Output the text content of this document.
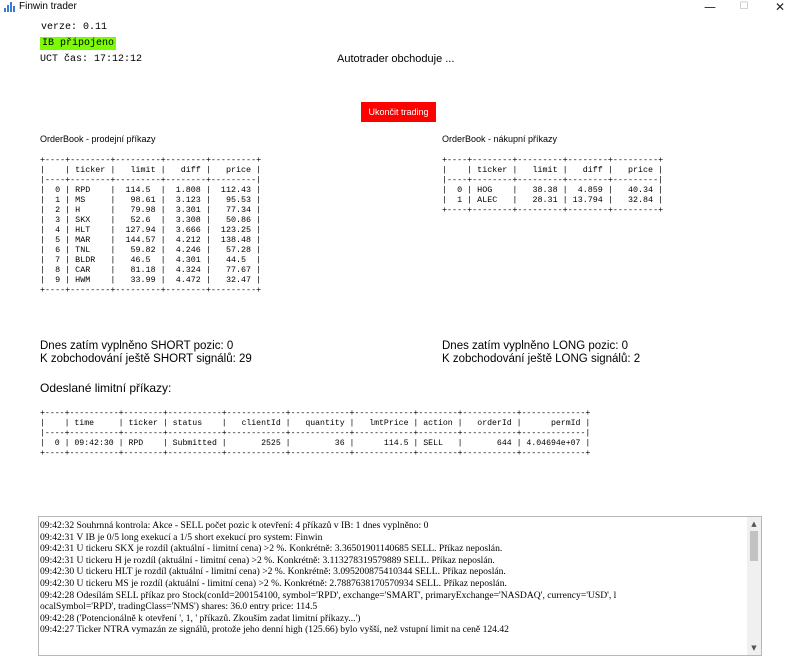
Finwin trader	—	☐	✕
verze: 0.11
IB připojeno
UCT čas: 17:12:12	Autotrader obchoduje ...
Ukončit trading
OrderBook - prodejní příkazy
+----+--------+---------+--------+---------+
|    | ticker |   limit |   diff |   price |
|----+--------+---------+--------+---------|
|  0 | RPD    |  114.5  |  1.808 |  112.43 |
|  1 | MS     |   98.61 |  3.123 |   95.53 |
|  2 | H      |   79.98 |  3.301 |   77.34 |
|  3 | SKX    |   52.6  |  3.308 |   50.86 |
|  4 | HLT    |  127.94 |  3.666 |  123.25 |
|  5 | MAR    |  144.57 |  4.212 |  138.48 |
|  6 | TNL    |   59.82 |  4.246 |   57.28 |
|  7 | BLDR   |   46.5  |  4.301 |   44.5  |
|  8 | CAR    |   81.18 |  4.324 |   77.67 |
|  9 | HWM    |   33.99 |  4.472 |   32.47 |
+----+--------+---------+--------+---------+
OrderBook - nákupní příkazy
+----+--------+---------+--------+---------+
|    | ticker |   limit |   diff |   price |
|----+--------+---------+--------+---------|
|  0 | HOG    |   38.38 |  4.859 |   40.34 |
|  1 | ALEC   |   28.31 | 13.794 |   32.84 |
+----+--------+---------+--------+---------+
Dnes zatím vyplněno SHORT pozic: 0
K zobchodování ještě SHORT signálů: 29
Dnes zatím vyplněno LONG pozic: 0
K zobchodování ještě LONG signálů: 2
Odeslané limitní příkazy:
+----+----------+--------+-----------+------------+------------+------------+--------+-----------+-------------+
|    | time     | ticker | status    |   clientId |   quantity |   lmtPrice | action |   orderId |      permId |
|----+----------+--------+-----------+------------+------------+------------+--------+-----------+-------------|
|  0 | 09:42:30 | RPD    | Submitted |       2525 |         36 |      114.5 | SELL   |       644 | 4.04694e+07 |
+----+----------+--------+-----------+------------+------------+------------+--------+-----------+-------------+
09:42:32 Souhrnná kontrola: Akce - SELL počet pozic k otevření: 4 příkazů v IB: 1 dnes vyplněno: 0
09:42:31 V IB je 0/5 long exekucí a 1/5 short exekucí pro system: Finwin
09:42:31 U tickeru SKX je rozdíl (aktuální - limitní cena) >2 %. Konkrétně: 3.36501901140685 SELL. Příkaz neposlán.
09:42:31 U tickeru H je rozdíl (aktuální - limitní cena) >2 %. Konkrétně: 3.113278319579889 SELL. Příkaz neposlán.
09:42:30 U tickeru HLT je rozdíl (aktuální - limitní cena) >2 %. Konkrétně: 3.095200875410344 SELL. Příkaz neposlán.
09:42:30 U tickeru MS je rozdíl (aktuální - limitní cena) >2 %. Konkrétně: 2.7887638170570934 SELL. Příkaz neposlán.
09:42:28 Odesílám SELL příkaz pro Stock(conId=200154100, symbol='RPD', exchange='SMART', primaryExchange='NASDAQ', currency='USD', l
ocalSymbol='RPD', tradingClass='NMS') shares: 36.0 entry price: 114.5
09:42:28 ('Potencionálně k otevření ', 1, ' příkazů. Zkouším zadat limitní příkazy...')
09:42:27 Ticker NTRA vymazán ze signálů, protože jeho denní high (125.66) bylo vyšší, než vstupní limit na ceně 124.42
▲
▼
